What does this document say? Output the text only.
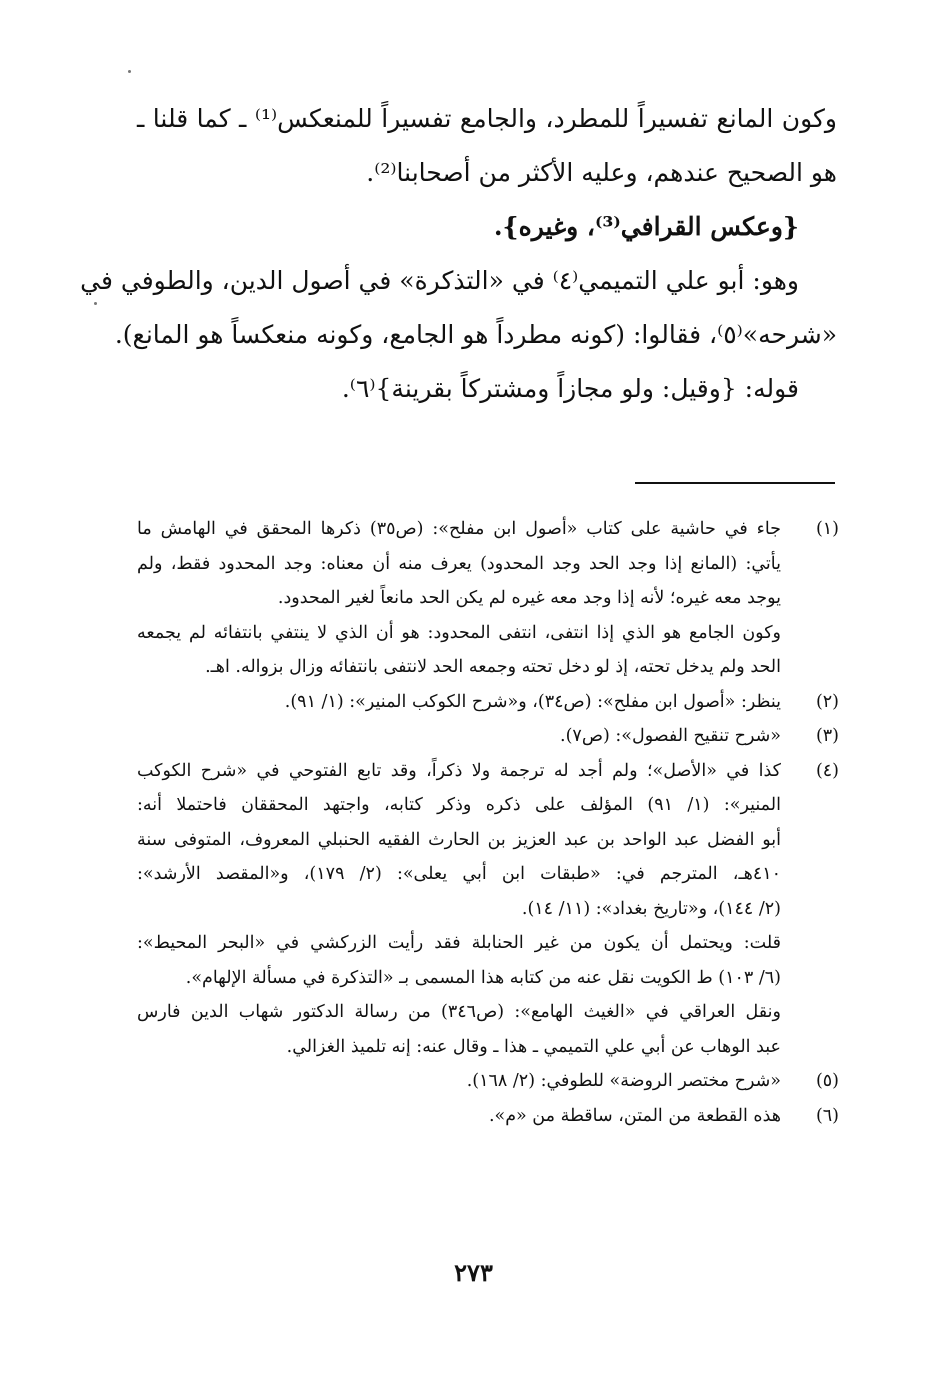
وكون المانع تفسيراً للمطرد، والجامع تفسيراً للمنعكس⁽¹⁾ ـ كما قلنا ـ
هو الصحيح عندهم، وعليه الأكثر من أصحابنا⁽²⁾.
{وعكس القرافي⁽³⁾، وغيره}.
وهو: أبو علي التميمي⁽٤⁾ في «التذكرة» في أصول الدين، والطوفي في
«شرحه»⁽٥⁾، فقالوا: (كونه مطرداً هو الجامع، وكونه منعكساً هو المانع).
قوله: {وقيل: ولو مجازاً ومشتركاً بقرينة}⁽٦⁾.
(١)
جاء في حاشية على كتاب «أصول ابن مفلح»: (ص٣٥) ذكرها المحقق في الهامش ما
يأتي: (المانع إذا وجد الحد وجد المحدود) يعرف منه أن معناه: وجد المحدود فقط، ولم
يوجد معه غيره؛ لأنه إذا وجد معه غيره لم يكن الحد مانعاً لغير المحدود.
وكون الجامع هو الذي إذا انتفى، انتفى المحدود: هو أن الذي لا ينتفي بانتفائه لم يجمعه
الحد ولم يدخل تحته، إذ لو دخل تحته وجمعه الحد لانتفى بانتفائه وزال بزواله. اهـ.
(٢)
ينظر: «أصول ابن مفلح»: (ص٣٤)، و«شرح الكوكب المنير»: (١/ ٩١).
(٣)
«شرح تنقيح الفصول»: (ص٧).
(٤)
كذا في «الأصل»؛ ولم أجد له ترجمة ولا ذكراً، وقد تابع الفتوحي في «شرح الكوكب
المنير»: (١/ ٩١) المؤلف على ذكره وذكر كتابه، واجتهد المحققان فاحتملا أنه:
أبو الفضل عبد الواحد بن عبد العزيز بن الحارث الفقيه الحنبلي المعروف، المتوفى سنة
٤١٠هـ، المترجم في: «طبقات ابن أبي يعلى»: (٢/ ١٧٩)، و«المقصد الأرشد»:
(٢/ ١٤٤)، و«تاريخ بغداد»: (١١/ ١٤).
قلت: ويحتمل أن يكون من غير الحنابلة فقد رأيت الزركشي في «البحر المحيط»:
(٦/ ١٠٣) ط الكويت نقل عنه من كتابه هذا المسمى بـ «التذكرة في مسألة الإلهام».
ونقل العراقي في «الغيث الهامع»: (ص٣٤٦) من رسالة الدكتور شهاب الدين فارس
عبد الوهاب عن أبي علي التميمي ـ هذا ـ وقال عنه: إنه تلميذ الغزالي.
(٥)
«شرح مختصر الروضة» للطوفي: (٢/ ١٦٨).
(٦)
هذه القطعة من المتن، ساقطة من «م».
٢٧٣
